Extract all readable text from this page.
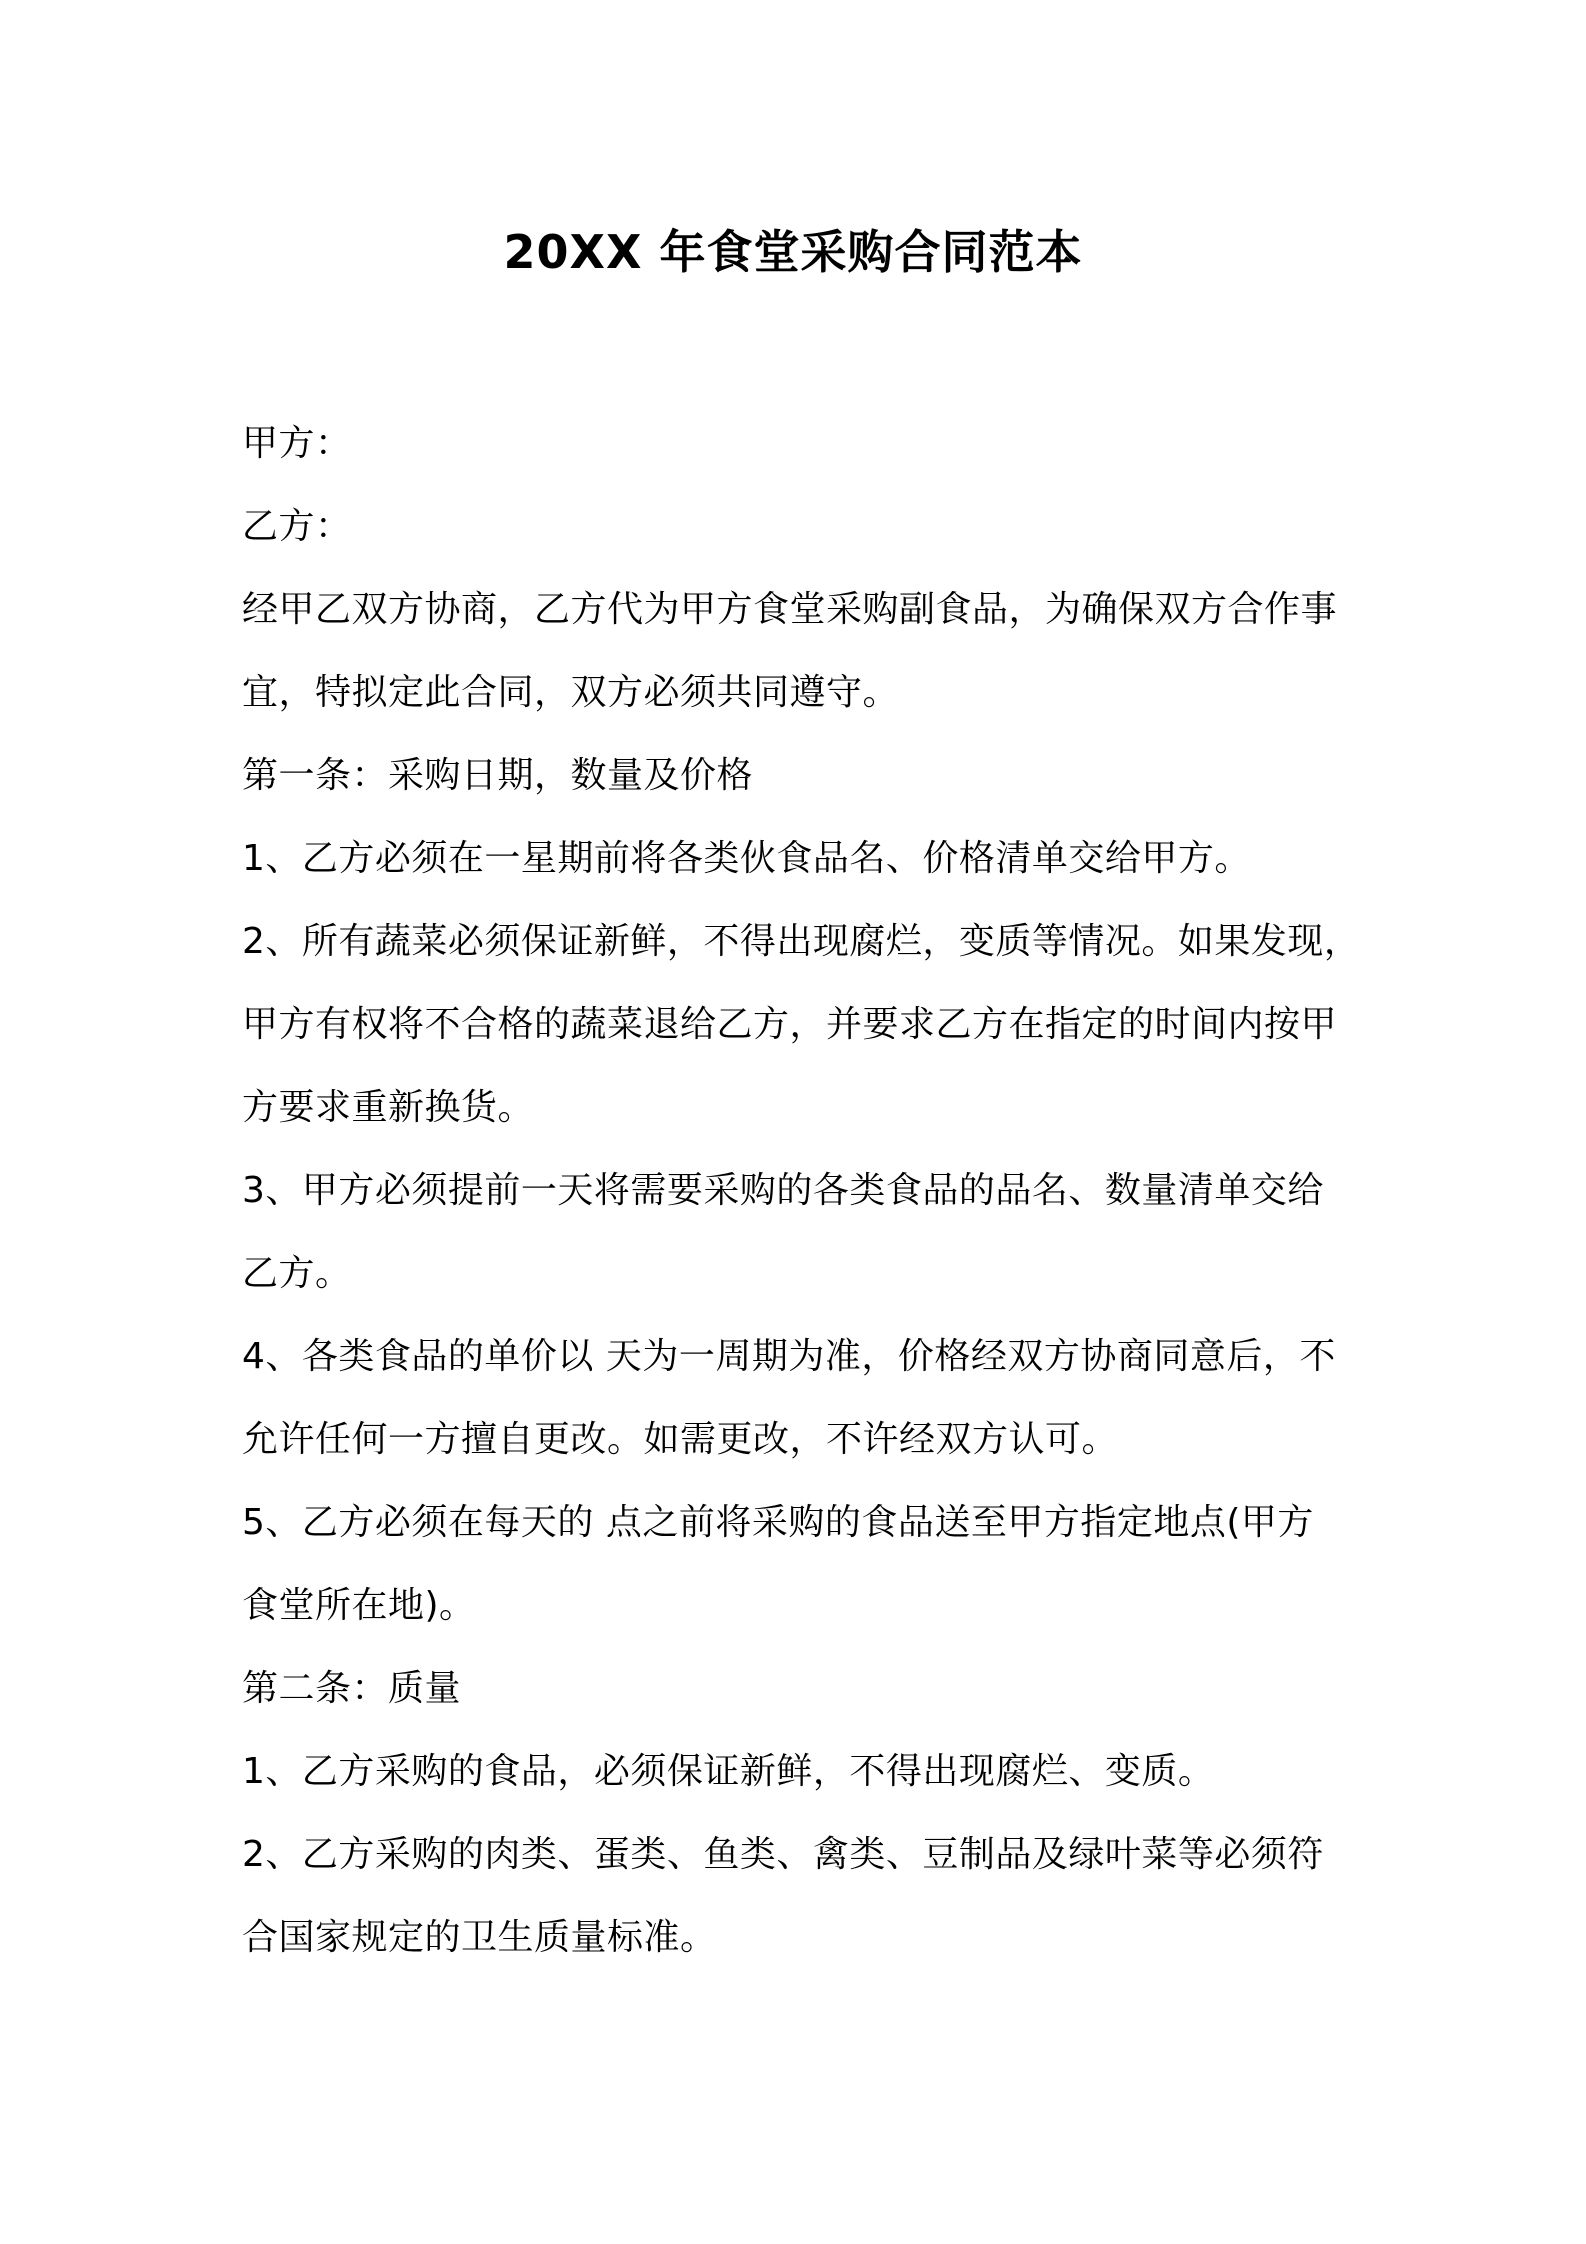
20XX 年食堂采购合同范本

甲方：

乙方：

经甲乙双方协商，乙方代为甲方食堂采购副食品，为确保双方合作事

宜，特拟定此合同，双方必须共同遵守。

第一条：采购日期，数量及价格

1、乙方必须在一星期前将各类伙食品名、价格清单交给甲方。

2、所有蔬菜必须保证新鲜，不得出现腐烂，变质等情况。如果发现，

甲方有权将不合格的蔬菜退给乙方，并要求乙方在指定的时间内按甲

方要求重新换货。

3、甲方必须提前一天将需要采购的各类食品的品名、数量清单交给

乙方。

4、各类食品的单价以 天为一周期为准，价格经双方协商同意后，不

允许任何一方擅自更改。如需更改，不许经双方认可。

5、乙方必须在每天的 点之前将采购的食品送至甲方指定地点(甲方

食堂所在地)。

第二条：质量

1、乙方采购的食品，必须保证新鲜，不得出现腐烂、变质。

2、乙方采购的肉类、蛋类、鱼类、禽类、豆制品及绿叶菜等必须符

合国家规定的卫生质量标准。
